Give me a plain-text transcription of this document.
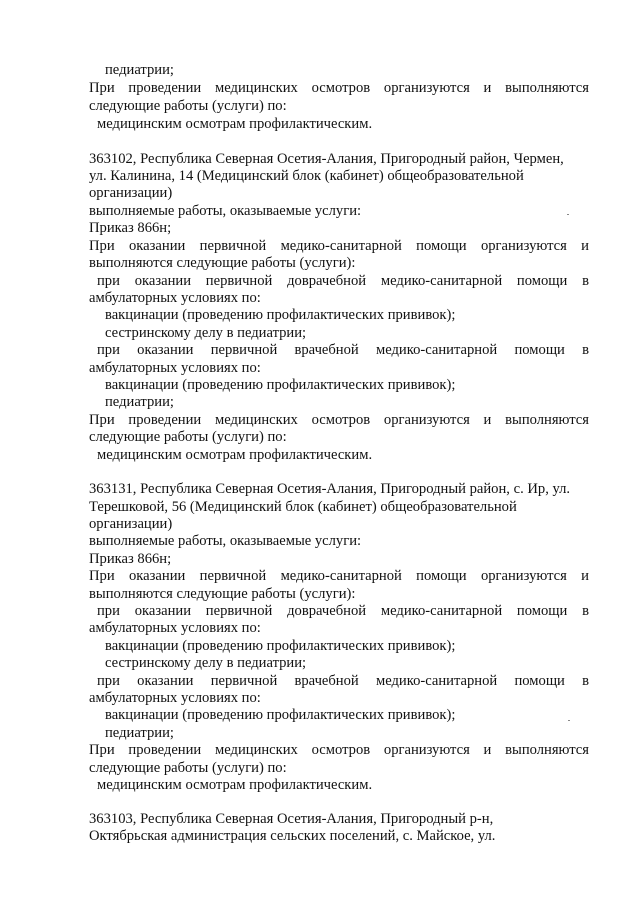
педиатрии;
При проведении медицинских осмотров организуются и выполняются
следующие работы (услуги) по:
медицинским осмотрам профилактическим.
363102, Республика Северная Осетия-Алания, Пригородный район, Чермен,
ул. Калинина, 14 (Медицинский блок (кабинет) общеобразовательной
организации)
выполняемые работы, оказываемые услуги:
Приказ 866н;
При оказании первичной медико-санитарной помощи организуются и
выполняются следующие работы (услуги):
при оказании первичной доврачебной медико-санитарной помощи в
амбулаторных условиях по:
вакцинации (проведению профилактических прививок);
сестринскому делу в педиатрии;
при оказании первичной врачебной медико-санитарной помощи в
амбулаторных условиях по:
вакцинации (проведению профилактических прививок);
педиатрии;
При проведении медицинских осмотров организуются и выполняются
следующие работы (услуги) по:
медицинским осмотрам профилактическим.
363131, Республика Северная Осетия-Алания, Пригородный район, с. Ир, ул.
Терешковой, 56 (Медицинский блок (кабинет) общеобразовательной
организации)
выполняемые работы, оказываемые услуги:
Приказ 866н;
При оказании первичной медико-санитарной помощи организуются и
выполняются следующие работы (услуги):
при оказании первичной доврачебной медико-санитарной помощи в
амбулаторных условиях по:
вакцинации (проведению профилактических прививок);
сестринскому делу в педиатрии;
при оказании первичной врачебной медико-санитарной помощи в
амбулаторных условиях по:
вакцинации (проведению профилактических прививок);
педиатрии;
При проведении медицинских осмотров организуются и выполняются
следующие работы (услуги) по:
медицинским осмотрам профилактическим.
363103, Республика Северная Осетия-Алания, Пригородный р-н,
Октябрьская администрация сельских поселений, с. Майское, ул.
